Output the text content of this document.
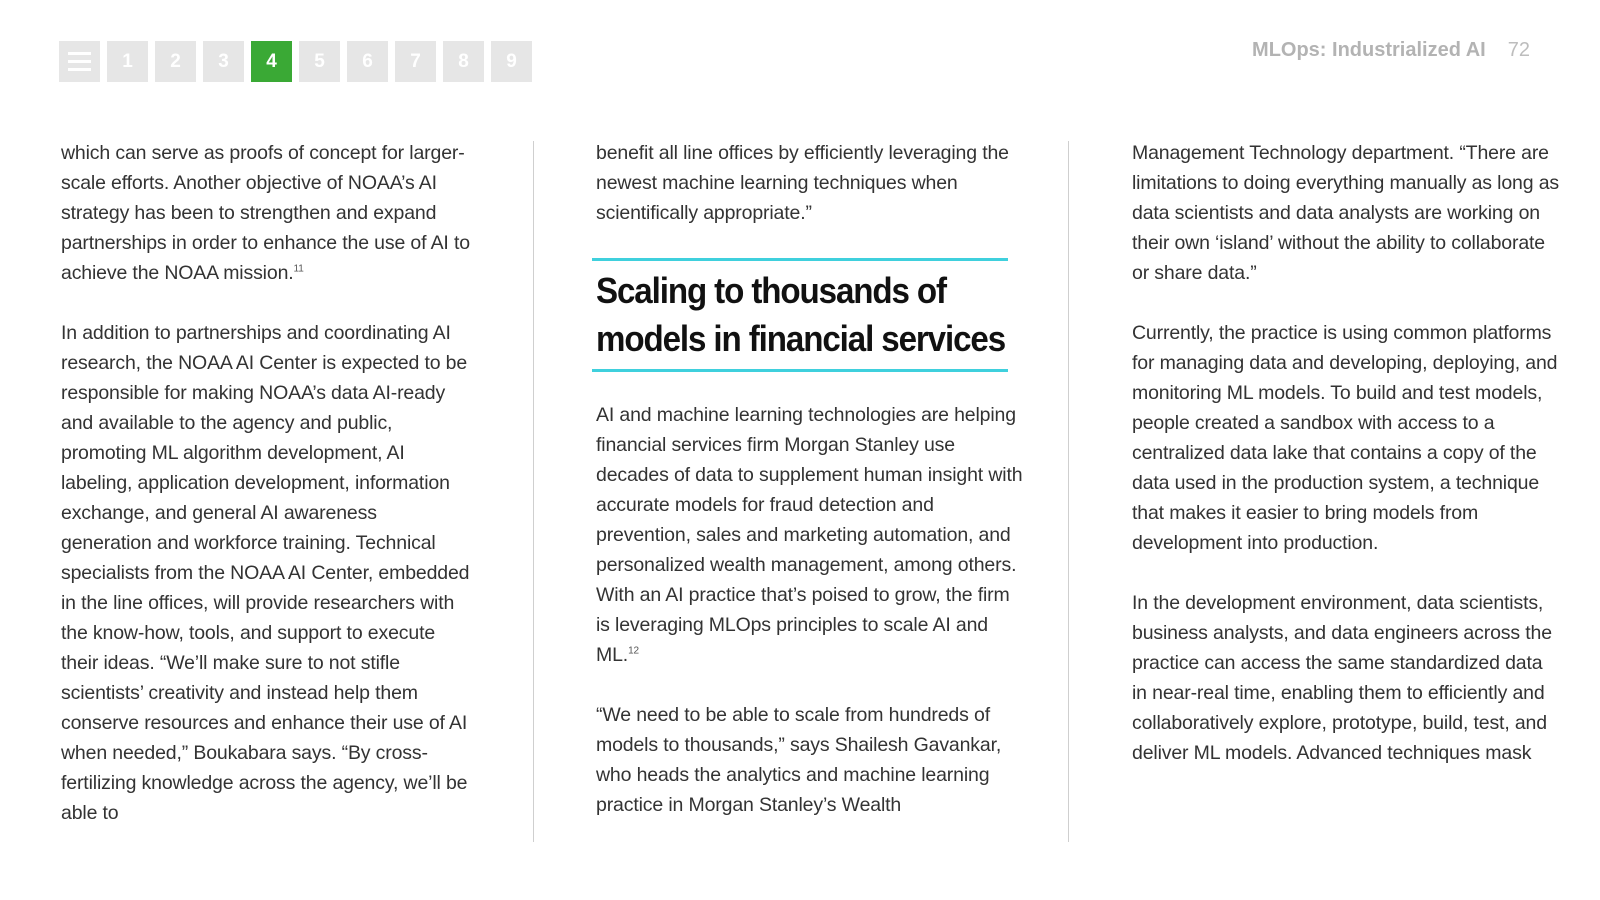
1	2	3	4	5	6	7	8	9	MLOps: Industrialized AI 72

which can serve as proofs of concept for larger-scale efforts. Another objective of NOAA’s AI strategy has been to strengthen and expand partnerships in order to enhance the use of AI to achieve the NOAA mission.$^{11}$

In addition to partnerships and coordinating AI research, the NOAA AI Center is expected to be responsible for making NOAA’s data AI-ready and available to the agency and public, promoting ML algorithm development, AI labeling, application development, information exchange, and general AI awareness generation and workforce training. Technical specialists from the NOAA AI Center, embedded in the line offices, will provide researchers with the know-how, tools, and support to execute their ideas. “We’ll make sure to not stifle scientists’ creativity and instead help them conserve resources and enhance their use of AI when needed,” Boukabara says. “By cross-fertilizing knowledge across the agency, we’ll be able to

benefit all line offices by efficiently leveraging the newest machine learning techniques when scientifically appropriate.”

Scaling to thousands of
models in financial services

AI and machine learning technologies are helping financial services firm Morgan Stanley use decades of data to supplement human insight with accurate models for fraud detection and prevention, sales and marketing automation, and personalized wealth management, among others. With an AI practice that’s poised to grow, the firm is leveraging MLOps principles to scale AI and ML.$^{12}$

“We need to be able to scale from hundreds of models to thousands,” says Shailesh Gavankar, who heads the analytics and machine learning practice in Morgan Stanley’s Wealth

Management Technology department. “There are limitations to doing everything manually as long as data scientists and data analysts are working on their own ‘island’ without the ability to collaborate or share data.”

Currently, the practice is using common platforms for managing data and developing, deploying, and monitoring ML models. To build and test models, people created a sandbox with access to a centralized data lake that contains a copy of the data used in the production system, a technique that makes it easier to bring models from development into production.

In the development environment, data scientists, business analysts, and data engineers across the practice can access the same standardized data in near-real time, enabling them to efficiently and collaboratively explore, prototype, build, test, and deliver ML models. Advanced techniques mask
